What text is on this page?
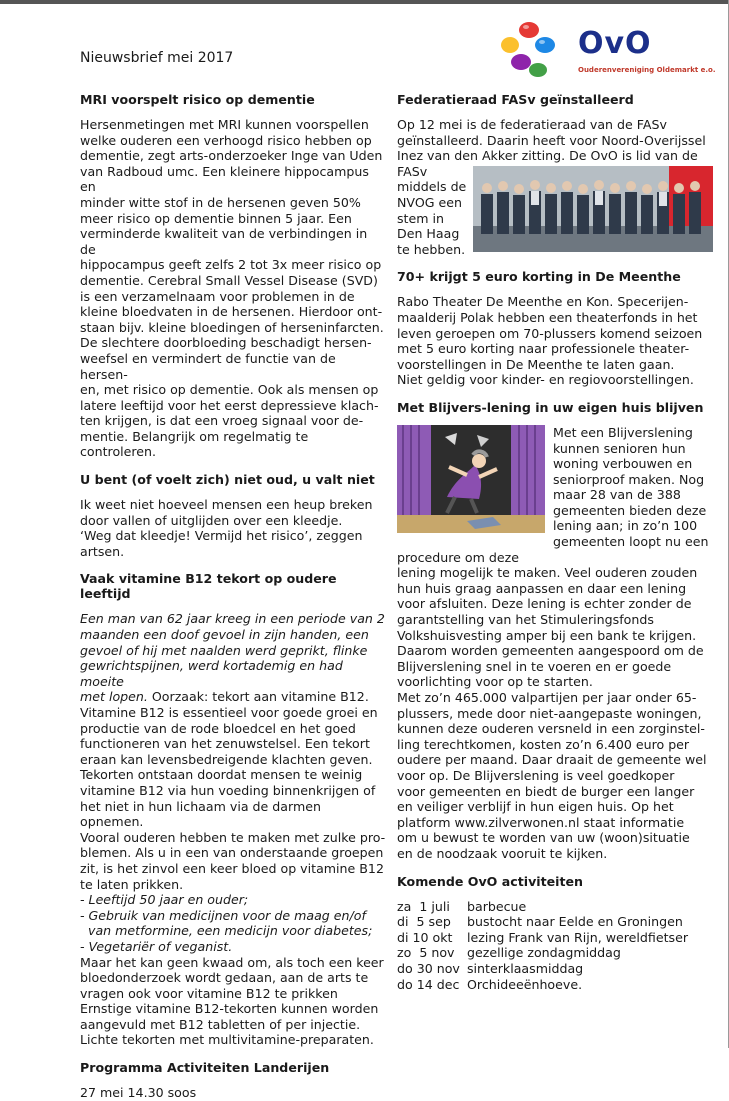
Nieuwsbrief mei 2017	OvO
Ouderenvereniging Oldemarkt e.o.
MRI voorspelt risico op dementie

Hersenmetingen met MRI kunnen voorspellen
welke ouderen een verhoogd risico hebben op
dementie, zegt arts-onderzoeker Inge van Uden
van Radboud umc. Een kleinere hippocampus en
minder witte stof in de hersenen geven 50%
meer risico op dementie binnen 5 jaar. Een
verminderde kwaliteit van de verbindingen in de
hippocampus geeft zelfs 2 tot 3x meer risico op
dementie. Cerebral Small Vessel Disease (SVD)
is een verzamelnaam voor problemen in de
kleine bloedvaten in de hersenen. Hierdoor ont-
staan bijv. kleine bloedingen of herseninfarcten.
De slechtere doorbloeding beschadigt hersen-
weefsel en vermindert de functie van de hersen-
en, met risico op dementie. Ook als mensen op
latere leeftijd voor het eerst depressieve klach-
ten krijgen, is dat een vroeg signaal voor de-
mentie. Belangrijk om regelmatig te controleren.

U bent (of voelt zich) niet oud, u valt niet

Ik weet niet hoeveel mensen een heup breken
door vallen of uitglijden over een kleedje.
‘Weg dat kleedje! Vermijd het risico’, zeggen
artsen.

Vaak vitamine B12 tekort op oudere leeftijd

Een man van 62 jaar kreeg in een periode van 2
maanden een doof gevoel in zijn handen, een
gevoel of hij met naalden werd geprikt, flinke
gewrichtspijnen, werd kortademig en had moeite
met lopen. Oorzaak: tekort aan vitamine B12.
Vitamine B12 is essentieel voor goede groei en
productie van de rode bloedcel en het goed
functioneren van het zenuwstelsel. Een tekort
eraan kan levensbedreigende klachten geven.
Tekorten ontstaan doordat mensen te weinig
vitamine B12 via hun voeding binnenkrijgen of
het niet in hun lichaam via de darmen opnemen.
Vooral ouderen hebben te maken met zulke pro-
blemen. Als u in een van onderstaande groepen
zit, is het zinvol een keer bloed op vitamine B12
te laten prikken.
- Leeftijd 50 jaar en ouder;
- Gebruik van medicijnen voor de maag en/of
van metformine, een medicijn voor diabetes;
- Vegetariër of veganist.
Maar het kan geen kwaad om, als toch een keer
bloedonderzoek wordt gedaan, aan de arts te
vragen ook voor vitamine B12 te prikken
Ernstige vitamine B12-tekorten kunnen worden
aangevuld met B12 tabletten of per injectie.
Lichte tekorten met multivitamine-preparaten.

Programma Activiteiten Landerijen

27 mei 14.30 soos

Federatieraad FASv geïnstalleerd

Op 12 mei is de federatieraad van de FASv
geïnstalleerd. Daarin heeft voor Noord-Overijssel
Inez van den Akker zitting. De OvO is lid van de

FASv
middels de
NVOG een
stem in
Den Haag
te hebben.

70+ krijgt 5 euro korting in De Meenthe

Rabo Theater De Meenthe en Kon. Specerijen-
maalderij Polak hebben een theaterfonds in het
leven geroepen om 70-plussers komend seizoen
met 5 euro korting naar professionele theater-
voorstellingen in De Meenthe te laten gaan.
Niet geldig voor kinder- en regiovoorstellingen.

Met Blijvers-lening in uw eigen huis blijven

Met een Blijverslening
kunnen senioren hun
woning verbouwen en
seniorproof maken. Nog
maar 28 van de 388
gemeenten bieden deze
lening aan; in zo’n 100
gemeenten loopt nu een procedure om deze
lening mogelijk te maken. Veel ouderen zouden
hun huis graag aanpassen en daar een lening
voor afsluiten. Deze lening is echter zonder de
garantstelling van het Stimuleringsfonds
Volkshuisvesting amper bij een bank te krijgen.
Daarom worden gemeenten aangespoord om de
Blijverslening snel in te voeren en er goede
voorlichting voor op te starten.
Met zo’n 465.000 valpartijen per jaar onder 65-
plussers, mede door niet-aangepaste woningen,
kunnen deze ouderen versneld in een zorginstel-
ling terechtkomen, kosten zo’n 6.400 euro per
oudere per maand. Daar draait de gemeente wel
voor op. De Blijverslening is veel goedkoper
voor gemeenten en biedt de burger een langer
en veiliger verblijf in hun eigen huis. Op het
platform www.zilverwonen.nl staat informatie
om u bewust te worden van uw (woon)situatie
en de noodzaak vooruit te kijken.

Komende OvO activiteiten
za  1 juli	barbecue
di  5 sep	bustocht naar Eelde en Groningen
di 10 okt	lezing Frank van Rijn, wereldfietser
zo  5 nov	gezellige zondagmiddag
do 30 nov	sinterklaasmiddag
do 14 dec	Orchideeënhoeve.
